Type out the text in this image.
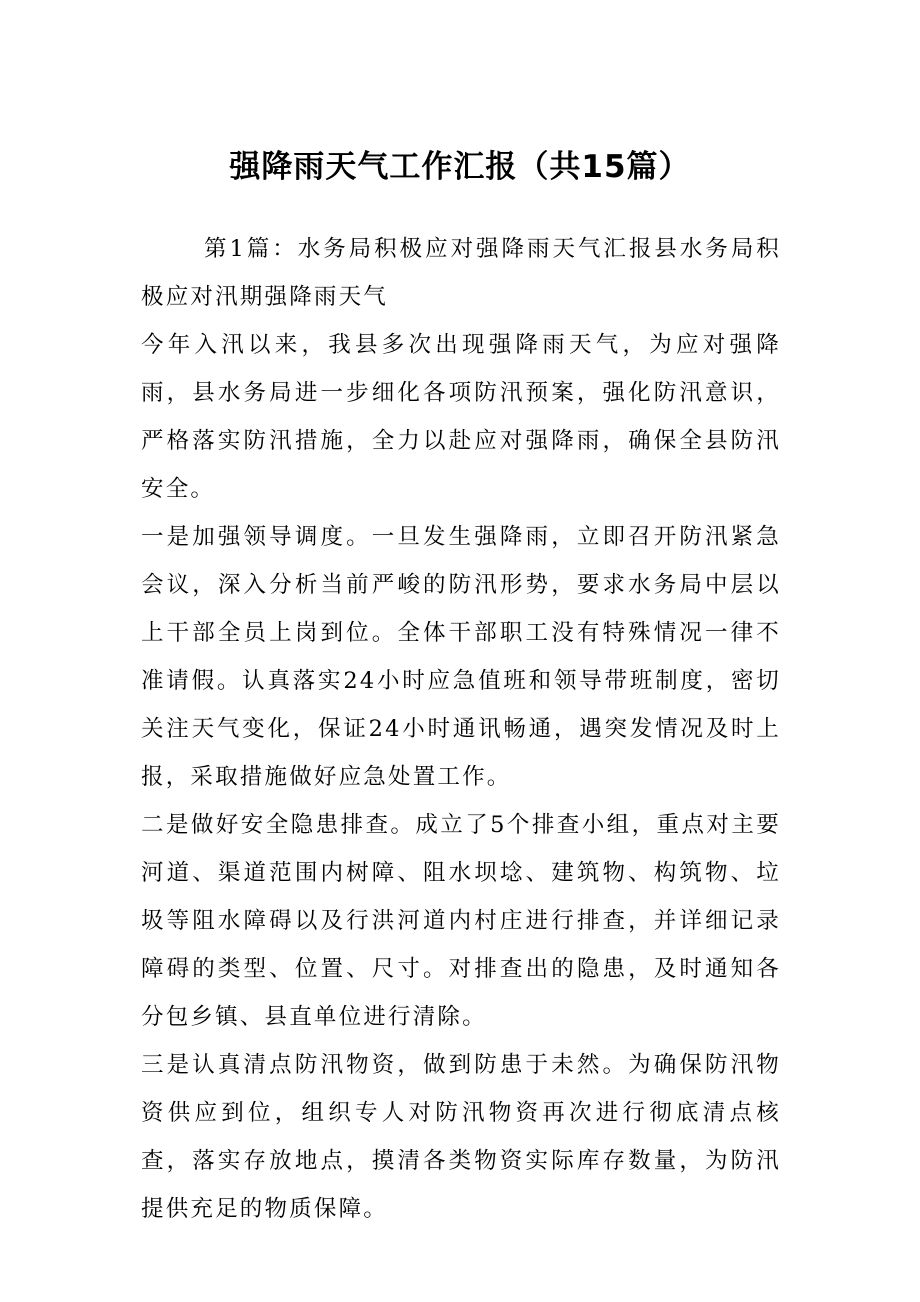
强降雨天气工作汇报（共15篇）

第1篇：水务局积极应对强降雨天气汇报县水务局积极应对汛期强降雨天气

今年入汛以来，我县多次出现强降雨天气，为应对强降雨，县水务局进一步细化各项防汛预案，强化防汛意识，严格落实防汛措施，全力以赴应对强降雨，确保全县防汛安全。

一是加强领导调度。一旦发生强降雨，立即召开防汛紧急会议，深入分析当前严峻的防汛形势，要求水务局中层以上干部全员上岗到位。全体干部职工没有特殊情况一律不准请假。认真落实24小时应急值班和领导带班制度，密切关注天气变化，保证24小时通讯畅通，遇突发情况及时上报，采取措施做好应急处置工作。

二是做好安全隐患排查。成立了5个排查小组，重点对主要河道、渠道范围内树障、阻水坝埝、建筑物、构筑物、垃圾等阻水障碍以及行洪河道内村庄进行排查，并详细记录障碍的类型、位置、尺寸。对排查出的隐患，及时通知各分包乡镇、县直单位进行清除。

三是认真清点防汛物资，做到防患于未然。为确保防汛物资供应到位，组织专人对防汛物资再次进行彻底清点核查，落实存放地点，摸清各类物资实际库存数量，为防汛提供充足的物质保障。
